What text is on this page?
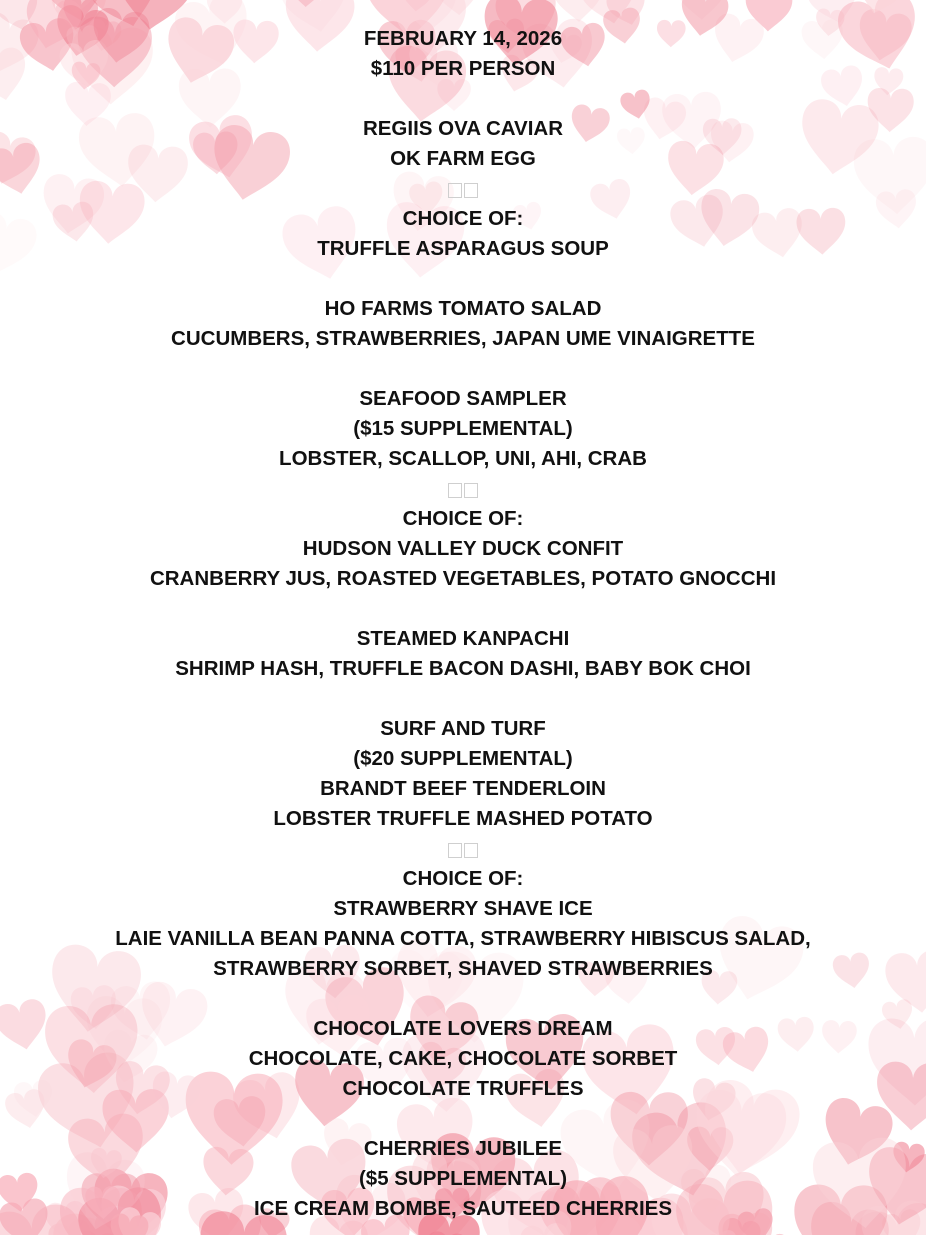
FEBRUARY 14, 2026
$110 PER PERSON
REGIIS OVA CAVIAR
OK FARM EGG
CHOICE OF:
TRUFFLE ASPARAGUS SOUP
HO FARMS TOMATO SALAD
CUCUMBERS, STRAWBERRIES, JAPAN UME VINAIGRETTE
SEAFOOD SAMPLER
($15 SUPPLEMENTAL)
LOBSTER, SCALLOP, UNI, AHI, CRAB
CHOICE OF:
HUDSON VALLEY DUCK CONFIT
CRANBERRY JUS, ROASTED VEGETABLES, POTATO GNOCCHI
STEAMED KANPACHI
SHRIMP HASH, TRUFFLE BACON DASHI, BABY BOK CHOI
SURF AND TURF
($20 SUPPLEMENTAL)
BRANDT BEEF TENDERLOIN
LOBSTER TRUFFLE MASHED POTATO
CHOICE OF:
STRAWBERRY SHAVE ICE
LAIE VANILLA BEAN PANNA COTTA, STRAWBERRY HIBISCUS SALAD,
STRAWBERRY SORBET, SHAVED STRAWBERRIES
CHOCOLATE LOVERS DREAM
CHOCOLATE, CAKE, CHOCOLATE SORBET
CHOCOLATE TRUFFLES
CHERRIES JUBILEE
($5 SUPPLEMENTAL)
ICE CREAM BOMBE, SAUTEED CHERRIES
